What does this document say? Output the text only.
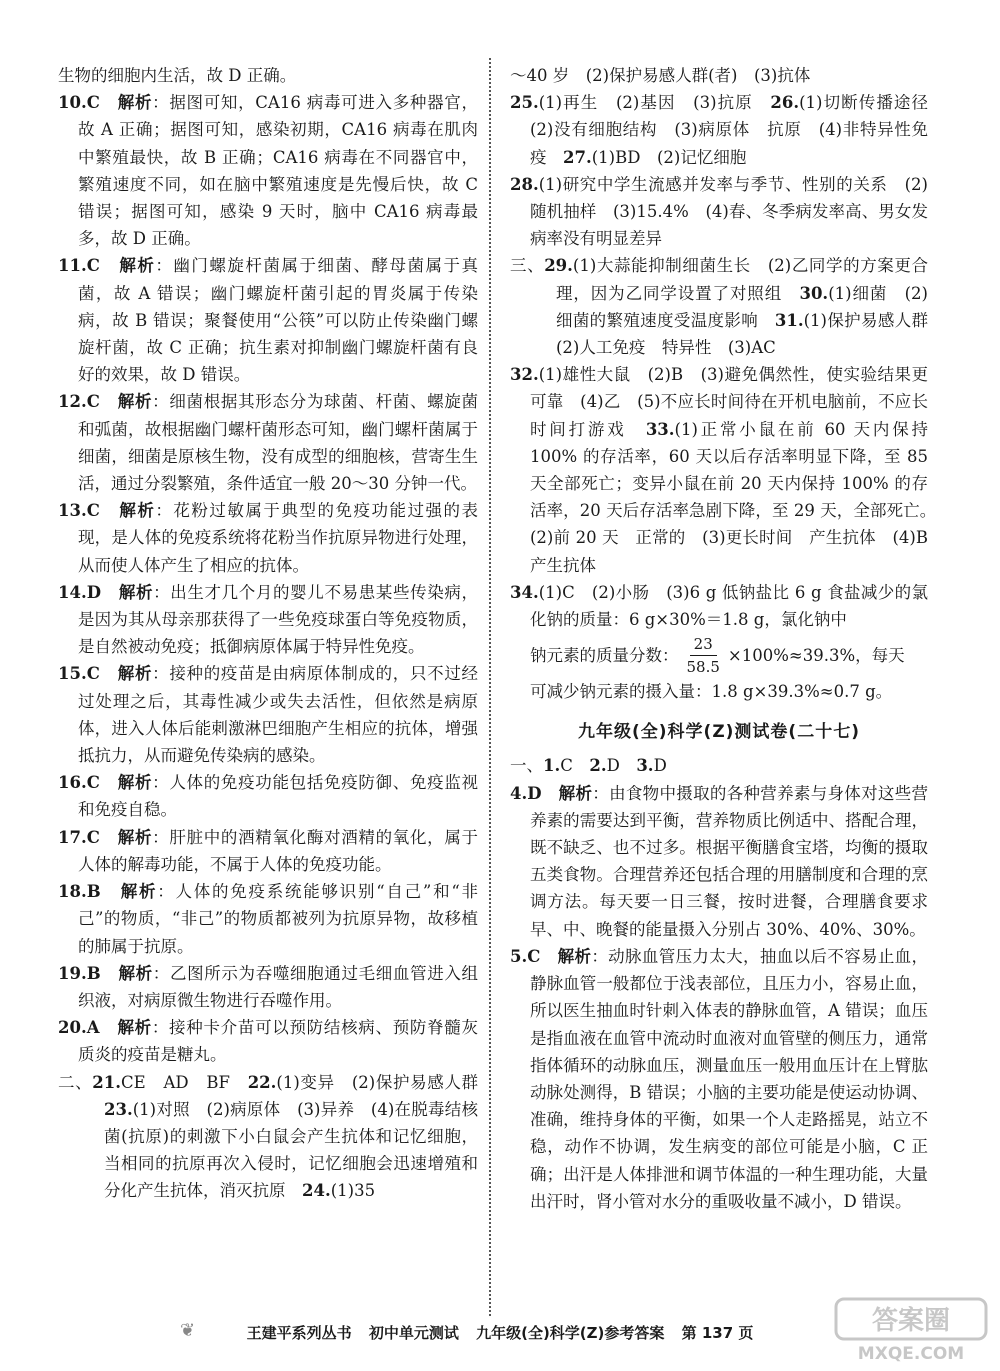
生物的细胞内生活，故 D 正确。

10.C　 解析：据图可知，CA16 病毒可进入多种器官，故 A 正确；据图可知，感染初期，CA16 病毒在肌肉中繁殖最快，故 B 正确；CA16 病毒在不同器官中，繁殖速度不同，如在脑中繁殖速度是先慢后快，故 C 错误；据图可知，感染 9 天时，脑中 CA16 病毒最多，故 D 正确。

11.C　 解析：幽门螺旋杆菌属于细菌、酵母菌属于真菌，故 A 错误；幽门螺旋杆菌引起的胃炎属于传染病，故 B 错误；聚餐使用“公筷”可以防止传染幽门螺旋杆菌，故 C 正确；抗生素对抑制幽门螺旋杆菌有良好的效果，故 D 错误。

12.C　 解析：细菌根据其形态分为球菌、杆菌、螺旋菌和弧菌，故根据幽门螺杆菌形态可知，幽门螺杆菌属于细菌，细菌是原核生物，没有成型的细胞核，营寄生生活，通过分裂繁殖，条件适宜一般 20～30 分钟一代。

13.C　 解析：花粉过敏属于典型的免疫功能过强的表现，是人体的免疫系统将花粉当作抗原异物进行处理，从而使人体产生了相应的抗体。

14.D　 解析：出生才几个月的婴儿不易患某些传染病，是因为其从母亲那获得了一些免疫球蛋白等免疫物质，是自然被动免疫；抵御病原体属于特异性免疫。

15.C　 解析：接种的疫苗是由病原体制成的，只不过经过处理之后，其毒性减少或失去活性，但依然是病原体，进入人体后能刺激淋巴细胞产生相应的抗体，增强抵抗力，从而避免传染病的感染。

16.C　 解析：人体的免疫功能包括免疫防御、免疫监视和免疫自稳。

17.C　 解析：肝脏中的酒精氧化酶对酒精的氧化，属于人体的解毒功能，不属于人体的免疫功能。

18.B　 解析：人体的免疫系统能够识别“自己”和“非己”的物质，“非己”的物质都被列为抗原异物，故移植的肺属于抗原。

19.B　 解析：乙图所示为吞噬细胞通过毛细血管进入组织液，对病原微生物进行吞噬作用。

20.A　 解析：接种卡介苗可以预防结核病、预防脊髓灰质炎的疫苗是糖丸。

二、21.CE　AD　BF　22.(1)变异　(2)保护易感人群　23.(1)对照　(2)病原体　(3)异养　(4)在脱毒结核菌(抗原)的刺激下小白鼠会产生抗体和记忆细胞，当相同的抗原再次入侵时，记忆细胞会迅速增殖和分化产生抗体，消灭抗原　24.(1)35

～40 岁　(2)保护易感人群(者)　(3)抗体

25.(1)再生　(2)基因　(3)抗原　26.(1)切断传播途径　(2)没有细胞结构　(3)病原体　抗原　(4)非特异性免疫　27.(1)BD　(2)记忆细胞

28.(1)研究中学生流感并发率与季节、性别的关系　(2)随机抽样　(3)15.4%　(4)春、冬季病发率高、男女发病率没有明显差异

三、29.(1)大蒜能抑制细菌生长　(2)乙同学的方案更合理，因为乙同学设置了对照组　30.(1)细菌　(2)细菌的繁殖速度受温度影响　31.(1)保护易感人群　(2)人工免疫　特异性　(3)AC

32.(1)雄性大鼠　(2)B　(3)避免偶然性，使实验结果更可靠　(4)乙　(5)不应长时间待在开机电脑前，不应长时间打游戏　33.(1)正常小鼠在前 60 天内保持 100% 的存活率，60 天以后存活率明显下降，至 85 天全部死亡；变异小鼠在前 20 天内保持 100% 的存活率，20 天后存活率急剧下降，至 29 天，全部死亡。　(2)前 20 天　正常的　(3)更长时间　产生抗体　(4)B　产生抗体

34.(1)C　(2)小肠　(3)6 g 低钠盐比 6 g 食盐减少的氯化钠的质量：6 g×30%＝1.8 g，氯化钠中

钠元素的质量分数： $\frac{23}{58.5} \times 100\%\approx 39.3\%$，每天

可减少钠元素的摄入量：1.8 g×39.3%≈0.7 g。

九年级(全)科学(Z)测试卷(二十七)

一、1.C　2.D　3.D

4.D　 解析：由食物中摄取的各种营养素与身体对这些营养素的需要达到平衡，营养物质比例适中、搭配合理，既不缺乏、也不过多。根据平衡膳食宝塔，均衡的摄取五类食物。合理营养还包括合理的用膳制度和合理的烹调方法。每天要一日三餐，按时进餐，合理膳食要求早、中、晚餐的能量摄入分别占 30%、40%、30%。

5.C　 解析：动脉血管压力太大，抽血以后不容易止血，静脉血管一般都位于浅表部位，且压力小，容易止血，所以医生抽血时针刺入体表的静脉血管，A 错误；血压是指血液在血管中流动时血液对血管壁的侧压力，通常指体循环的动脉血压，测量血压一般用血压计在上臂肱动脉处测得，B 错误；小脑的主要功能是使运动协调、准确，维持身体的平衡，如果一个人走路摇晃，站立不稳，动作不协调，发生病变的部位可能是小脑，C 正确；出汗是人体排泄和调节体温的一种生理功能，大量出汗时，肾小管对水分的重吸收量不减小，D 错误。

❦	王建平系列丛书 初中单元测试 九年级(全)科学(Z)参考答案 第 137 页	答案圈
MXQE.COM
